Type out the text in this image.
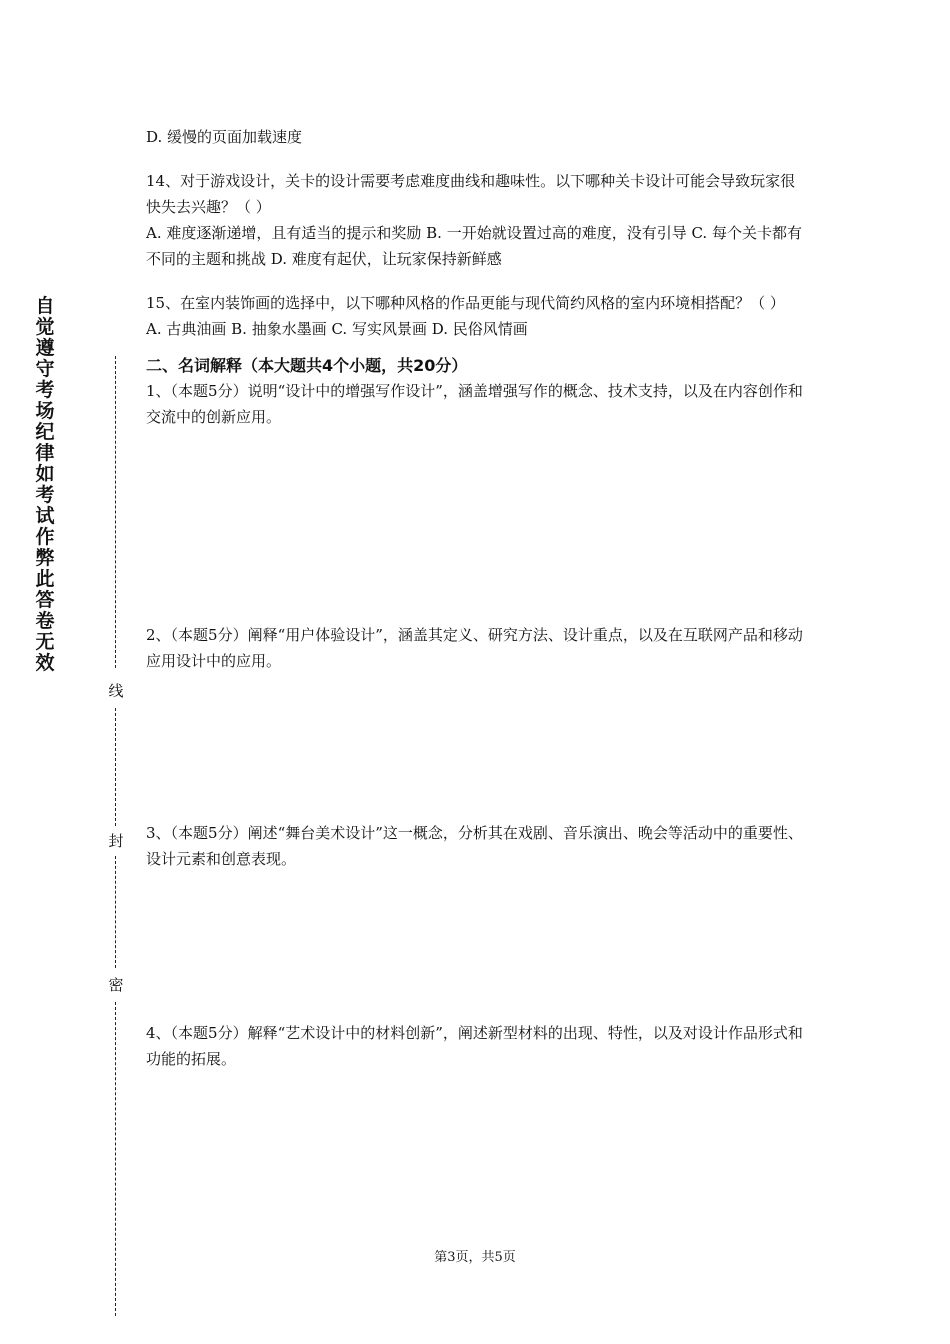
自觉遵守考场纪律如考试作弊此答卷无效
线
封
密

D. 缓慢的页面加载速度

14、对于游戏设计，关卡的设计需要考虑难度曲线和趣味性。以下哪种关卡设计可能会导致玩家很快失去兴趣？（ ）

A. 难度逐渐递增，且有适当的提示和奖励 B. 一开始就设置过高的难度，没有引导 C. 每个关卡都有不同的主题和挑战 D. 难度有起伏，让玩家保持新鲜感

15、在室内装饰画的选择中，以下哪种风格的作品更能与现代简约风格的室内环境相搭配？（ ）

A. 古典油画 B. 抽象水墨画 C. 写实风景画 D. 民俗风情画

二、名词解释（本大题共4个小题，共20分）

1、（本题5分）说明“设计中的增强写作设计”，涵盖增强写作的概念、技术支持，以及在内容创作和交流中的创新应用。

2、（本题5分）阐释“用户体验设计”，涵盖其定义、研究方法、设计重点，以及在互联网产品和移动应用设计中的应用。
3、（本题5分）阐述“舞台美术设计”这一概念，分析其在戏剧、音乐演出、晚会等活动中的重要性、设计元素和创意表现。
4、（本题5分）解释“艺术设计中的材料创新”，阐述新型材料的出现、特性，以及对设计作品形式和功能的拓展。
第3页，共5页
